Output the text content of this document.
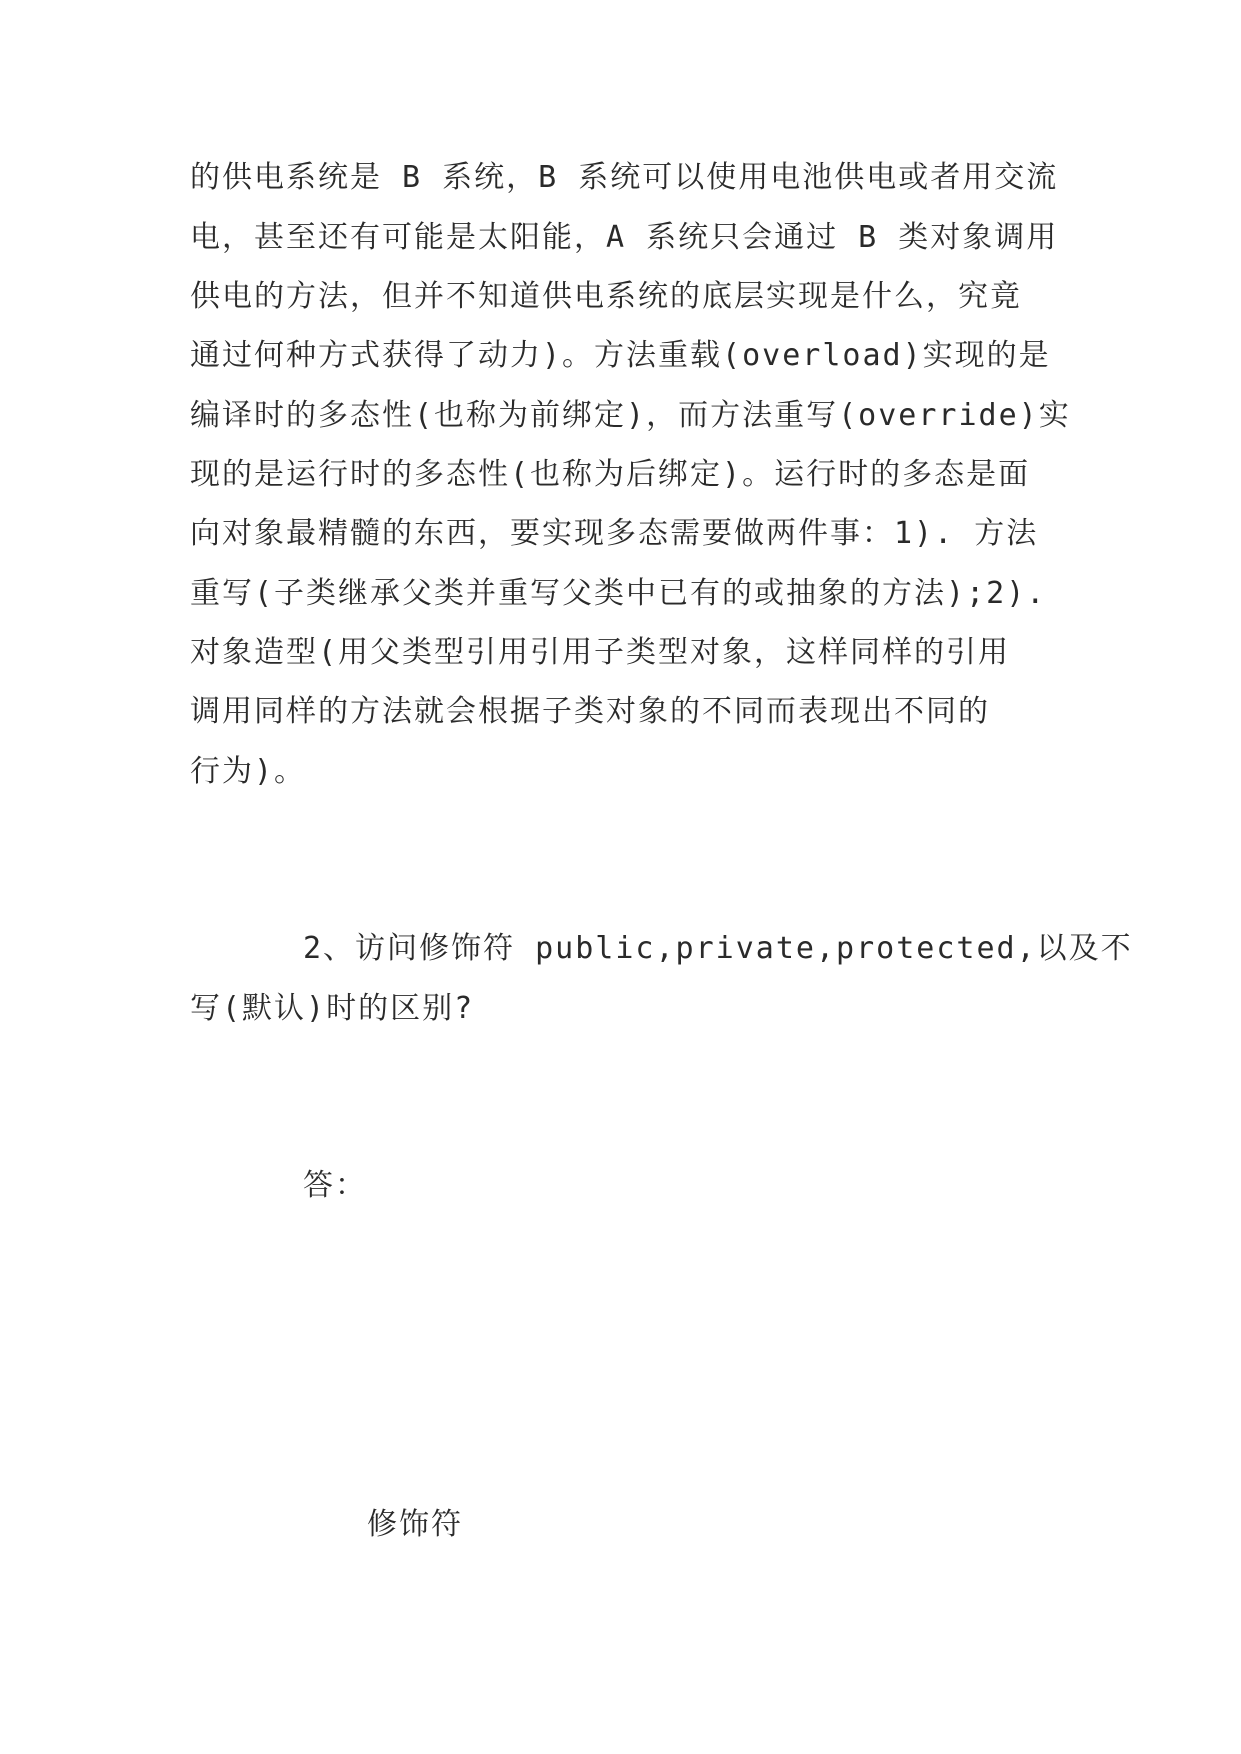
的供电系统是 B 系统，B 系统可以使用电池供电或者用交流
电，甚至还有可能是太阳能，A 系统只会通过 B 类对象调用
供电的方法，但并不知道供电系统的底层实现是什么，究竟
通过何种方式获得了动力)。方法重载(overload)实现的是
编译时的多态性(也称为前绑定)，而方法重写(override)实
现的是运行时的多态性(也称为后绑定)。运行时的多态是面
向对象最精髓的东西，要实现多态需要做两件事：1). 方法
重写(子类继承父类并重写父类中已有的或抽象的方法);2).
对象造型(用父类型引用引用子类型对象，这样同样的引用
调用同样的方法就会根据子类对象的不同而表现出不同的
行为)。
2、访问修饰符 public,private,protected,以及不
写(默认)时的区别?
答：
修饰符
